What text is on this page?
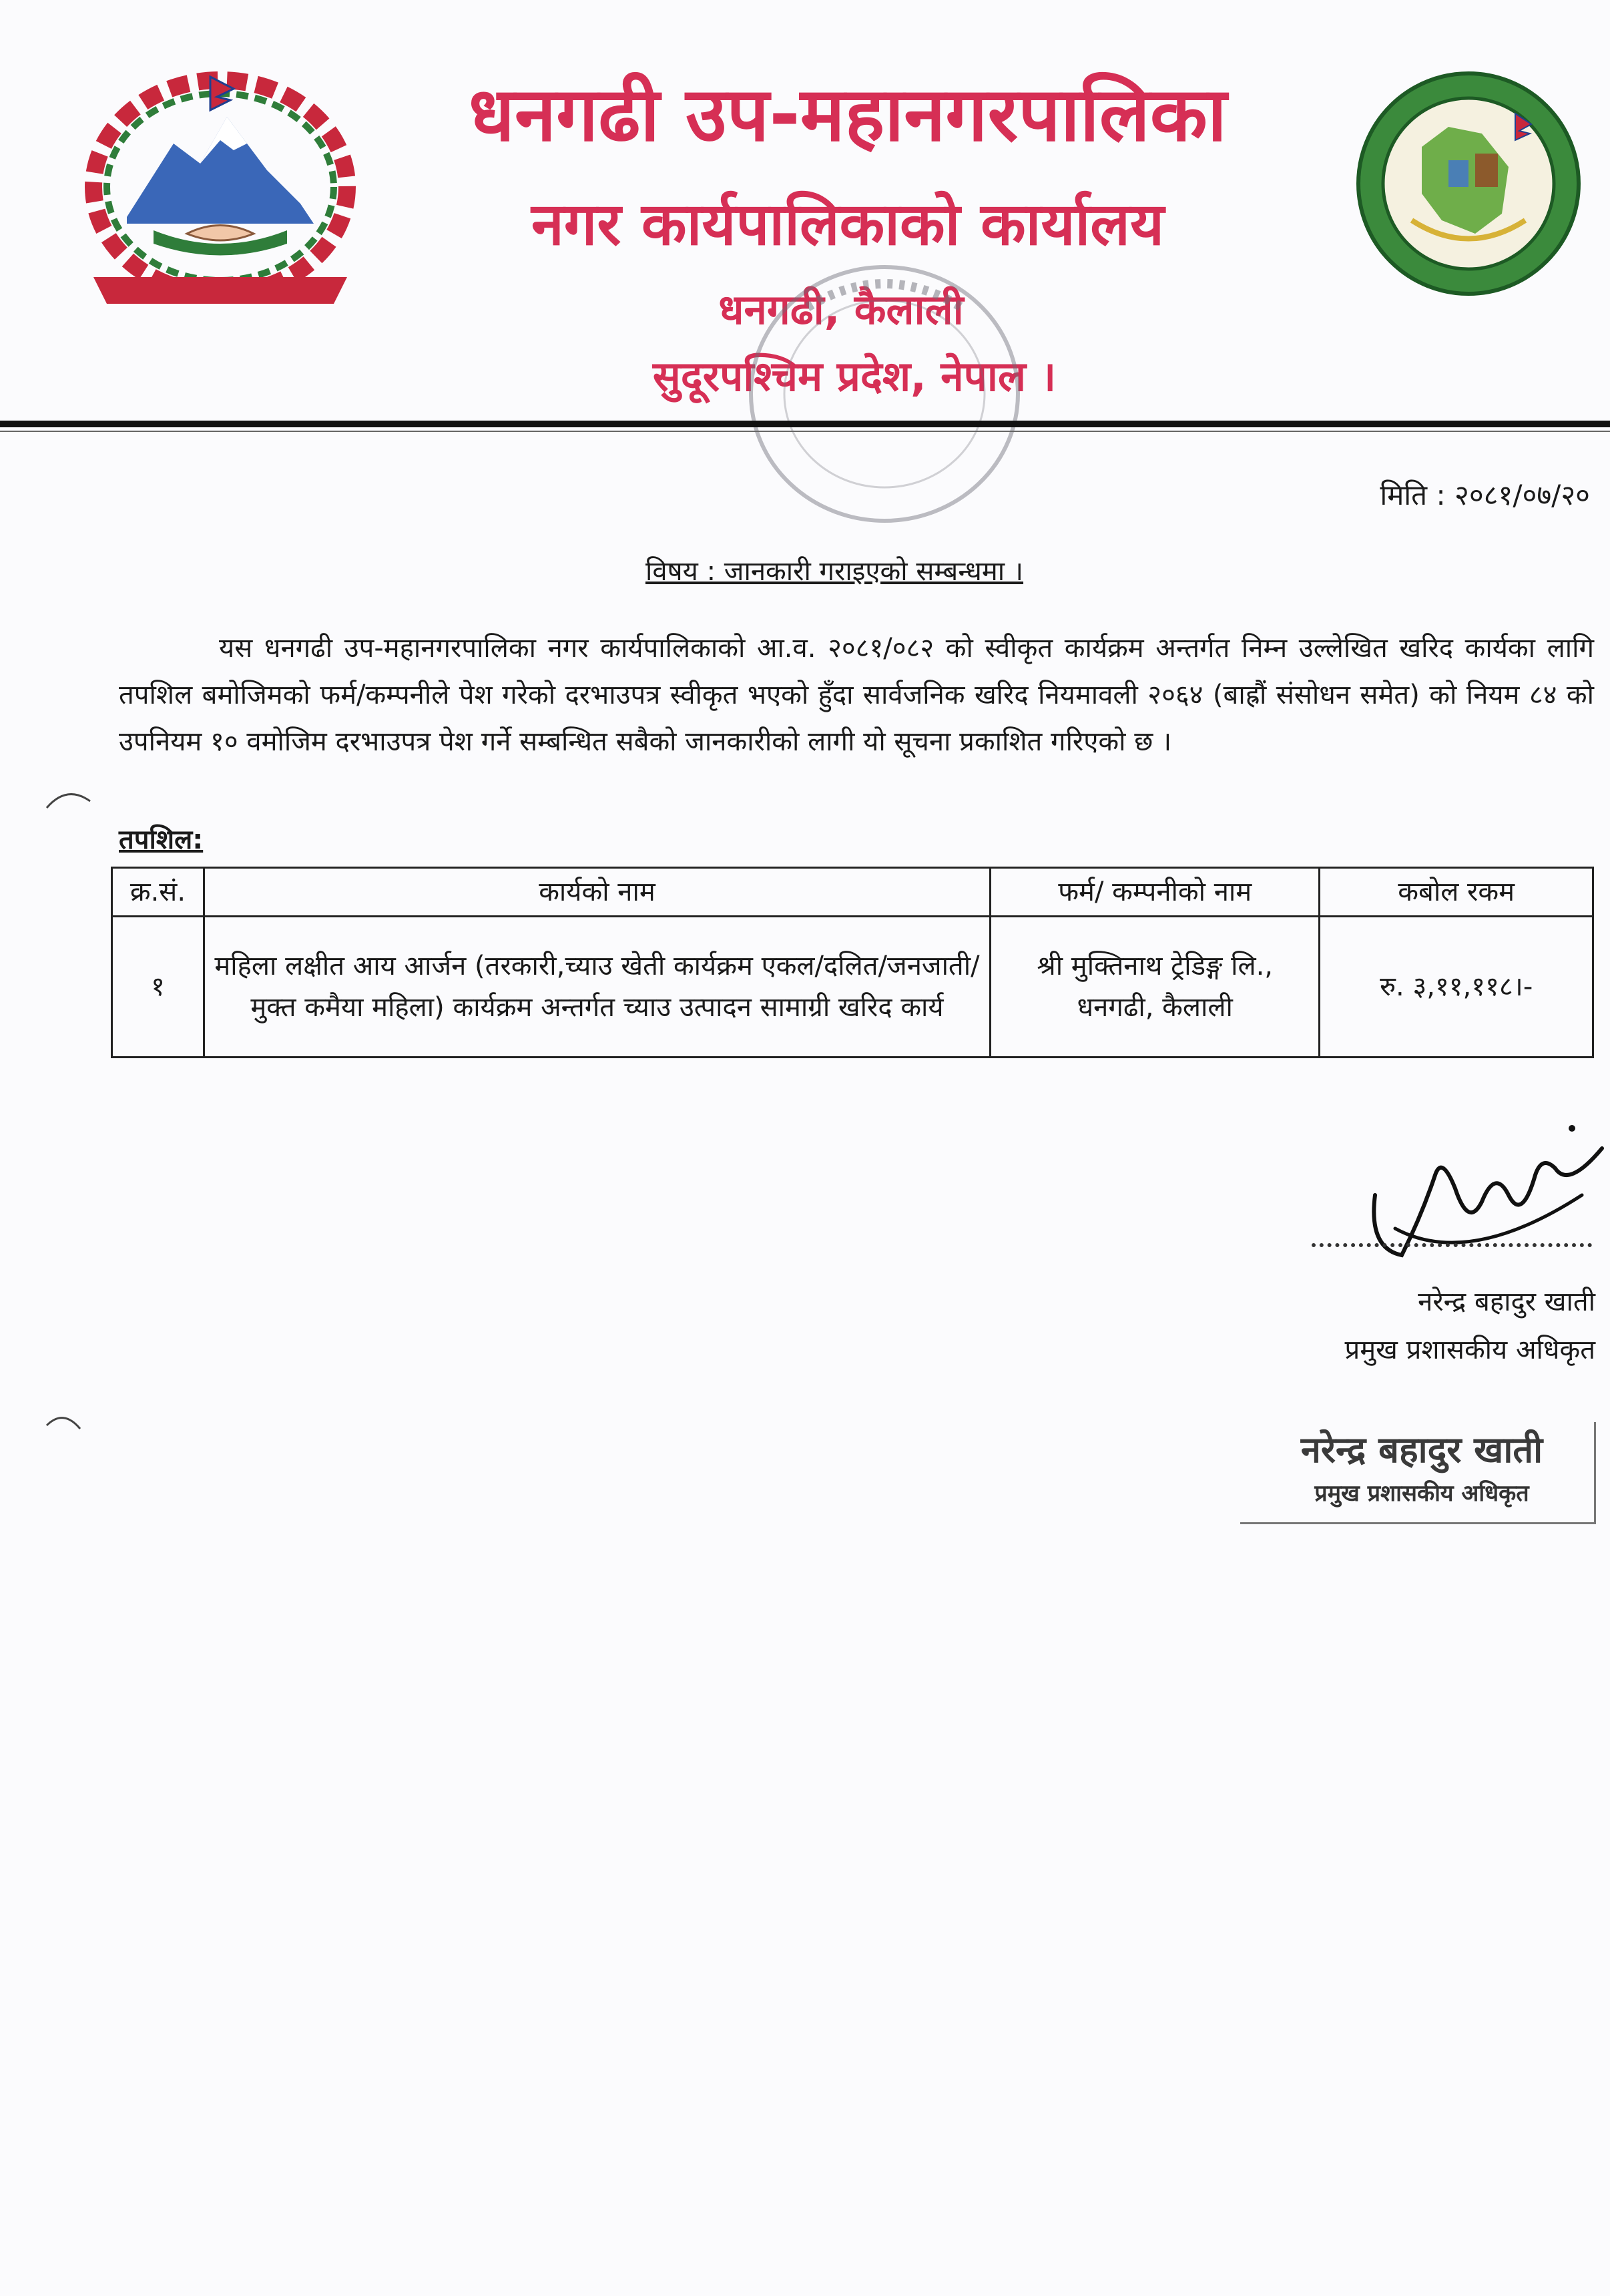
धनगढी उप-महानगरपालिका
नगर कार्यपालिकाको कार्यालय
धनगढी, कैलाली
सुदूरपश्चिम प्रदेश, नेपाल ।
मिति : २०८१/०७/२०
विषय : जानकारी गराइएको सम्बन्धमा ।
यस धनगढी उप-महानगरपालिका नगर कार्यपालिकाको आ.व. २०८१/०८२ को स्वीकृत कार्यक्रम अन्तर्गत निम्न उल्लेखित खरिद कार्यका लागि तपशिल बमोजिमको फर्म/कम्पनीले पेश गरेको दरभाउपत्र स्वीकृत भएको हुँदा सार्वजनिक खरिद नियमावली २०६४ (बाह्रौं संसोधन समेत) को नियम ८४ को उपनियम १० वमोजिम दरभाउपत्र पेश गर्ने सम्बन्धित सबैको जानकारीको लागी यो सूचना प्रकाशित गरिएको छ ।
तपशिल:
क्र.सं.	कार्यको नाम	फर्म/ कम्पनीको नाम	कबोल रकम
१	महिला लक्षीत आय आर्जन (तरकारी,च्याउ खेती कार्यक्रम एकल/दलित/जनजाती/मुक्त कमैया महिला) कार्यक्रम अन्तर्गत च्याउ उत्पादन सामाग्री खरिद कार्य	श्री मुक्तिनाथ ट्रेडिङ्ग लि., धनगढी, कैलाली	रु. ३,११,११८।-
नरेन्द्र बहादुर खाती
प्रमुख प्रशासकीय अधिकृत
नरेन्द्र बहादुर खाती
प्रमुख प्रशासकीय अधिकृत
